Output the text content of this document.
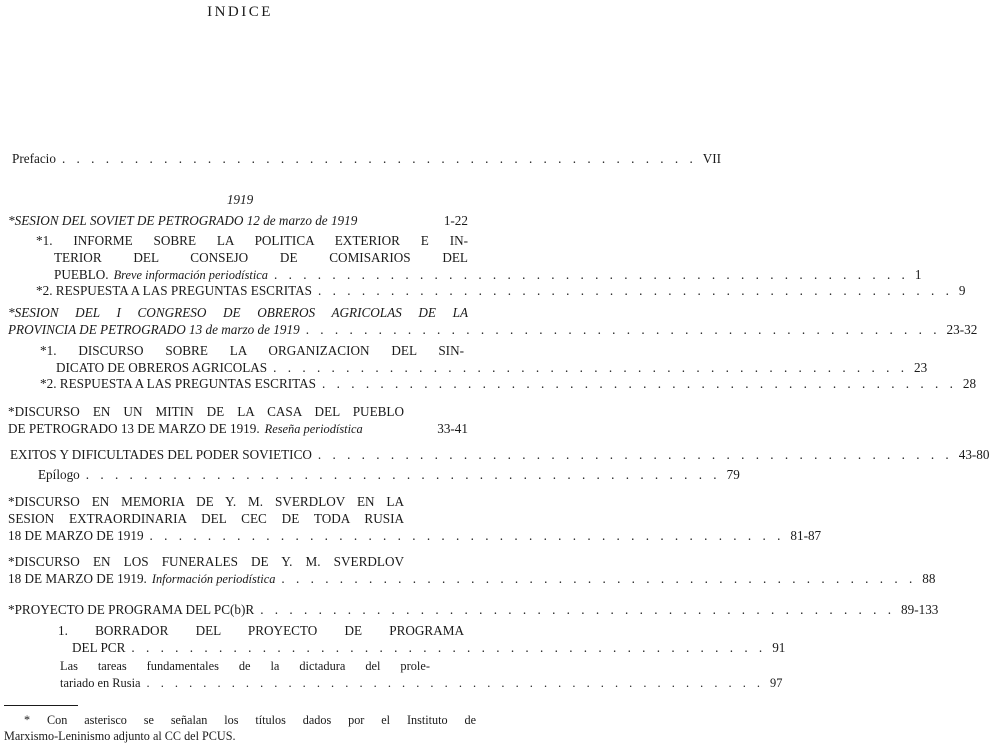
INDICE
Prefacio . . . . . . . . . . . . . . . . . . . . . . . . . . . . . . . . . . . . . . . . . . . . VII
1919
*SESION DEL SOVIET DE PETROGRADO 12 de marzo de 1919	1-22
*1. INFORME SOBRE LA POLITICA EXTERIOR E IN-
TERIOR DEL CONSEJO DE COMISARIOS DEL
PUEBLO. Breve información periodística . . . . . . . . . . . . . . . . . . . . . . . . . . . . . . . . . . . . . . . . . . . . 1
*2. RESPUESTA A LAS PREGUNTAS ESCRITAS . . . . . . . . . . . . . . . . . . . . . . . . . . . . . . . . . . . . . . . . . . . . 9
*SESION DEL I CONGRESO DE OBREROS AGRICOLAS DE LA
PROVINCIA DE PETROGRADO 13 de marzo de 1919 . . . . . . . . . . . . . . . . . . . . . . . . . . . . . . . . . . . . . . . . . . . . 23-32
*1. DISCURSO SOBRE LA ORGANIZACION DEL SIN-
DICATO DE OBREROS AGRICOLAS . . . . . . . . . . . . . . . . . . . . . . . . . . . . . . . . . . . . . . . . . . . . 23
*2. RESPUESTA A LAS PREGUNTAS ESCRITAS . . . . . . . . . . . . . . . . . . . . . . . . . . . . . . . . . . . . . . . . . . . . 28
*DISCURSO EN UN MITIN DE LA CASA DEL PUEBLO
DE PETROGRADO 13 DE MARZO DE 1919. Reseña periodística	33-41
EXITOS Y DIFICULTADES DEL PODER SOVIETICO . . . . . . . . . . . . . . . . . . . . . . . . . . . . . . . . . . . . . . . . . . . . 43-80
Epílogo . . . . . . . . . . . . . . . . . . . . . . . . . . . . . . . . . . . . . . . . . . . . 79
*DISCURSO EN MEMORIA DE Y. M. SVERDLOV EN LA
SESION EXTRAORDINARIA DEL CEC DE TODA RUSIA
18 DE MARZO DE 1919 . . . . . . . . . . . . . . . . . . . . . . . . . . . . . . . . . . . . . . . . . . . . 81-87
*DISCURSO EN LOS FUNERALES DE Y. M. SVERDLOV
18 DE MARZO DE 1919. Información periodística . . . . . . . . . . . . . . . . . . . . . . . . . . . . . . . . . . . . . . . . . . . . 88
*PROYECTO DE PROGRAMA DEL PC(b)R . . . . . . . . . . . . . . . . . . . . . . . . . . . . . . . . . . . . . . . . . . . . 89-133
1. BORRADOR DEL PROYECTO DE PROGRAMA
DEL PCR . . . . . . . . . . . . . . . . . . . . . . . . . . . . . . . . . . . . . . . . . . . . 91
Las tareas fundamentales de la dictadura del prole-
tariado en Rusia . . . . . . . . . . . . . . . . . . . . . . . . . . . . . . . . . . . . . . . . . . . . 97
* Con asterisco se señalan los títulos dados por el Instituto de
Marxismo-Leninismo adjunto al CC del PCUS.
